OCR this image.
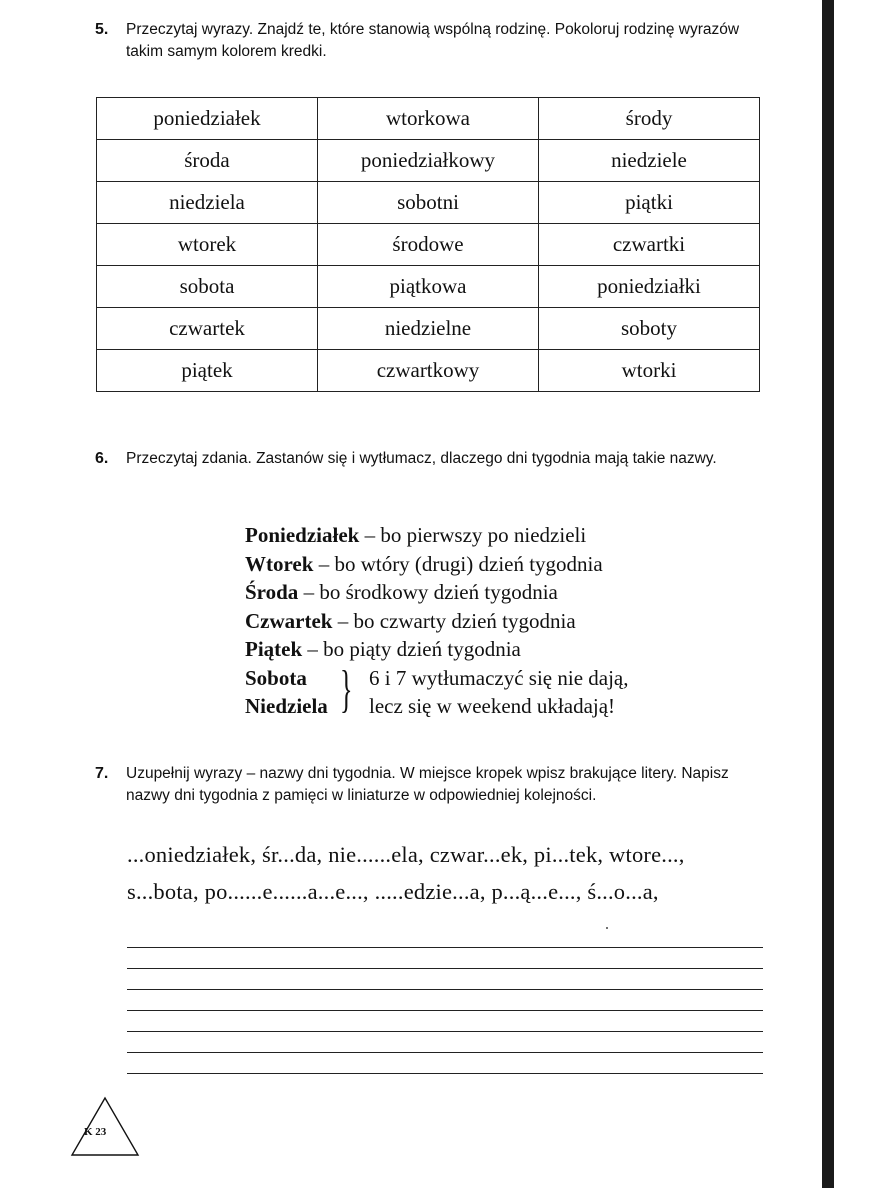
5. Przeczytaj wyrazy. Znajdź te, które stanowią wspólną rodzinę. Pokoloruj rodzinę wyrazów takim samym kolorem kredki.
poniedziałek	wtorkowa	środy
środa	poniedziałkowy	niedziele
niedziela	sobotni	piątki
wtorek	środowe	czwartki
sobota	piątkowa	poniedziałki
czwartek	niedzielne	soboty
piątek	czwartkowy	wtorki
6. Przeczytaj zdania. Zastanów się i wytłumacz, dlaczego dni tygodnia mają takie nazwy.
Poniedziałek – bo pierwszy po niedzieli
Wtorek – bo wtóry (drugi) dzień tygodnia
Środa – bo środkowy dzień tygodnia
Czwartek – bo czwarty dzień tygodnia
Piątek – bo piąty dzień tygodnia
Sobota
Niedziela } 6 i 7 wytłumaczyć się nie dają,
lecz się w weekend układają!
7. Uzupełnij wyrazy – nazwy dni tygodnia. W miejsce kropek wpisz brakujące litery. Napisz nazwy dni tygodnia z pamięci w liniaturze w odpowiedniej kolejności.
...oniedziałek, śr...da, nie......ela, czwar...ek, pi...tek, wtore...,
s...bota, po......e......a...e..., .....edzie...a, p...ą...e..., ś...o...a,
K 23
